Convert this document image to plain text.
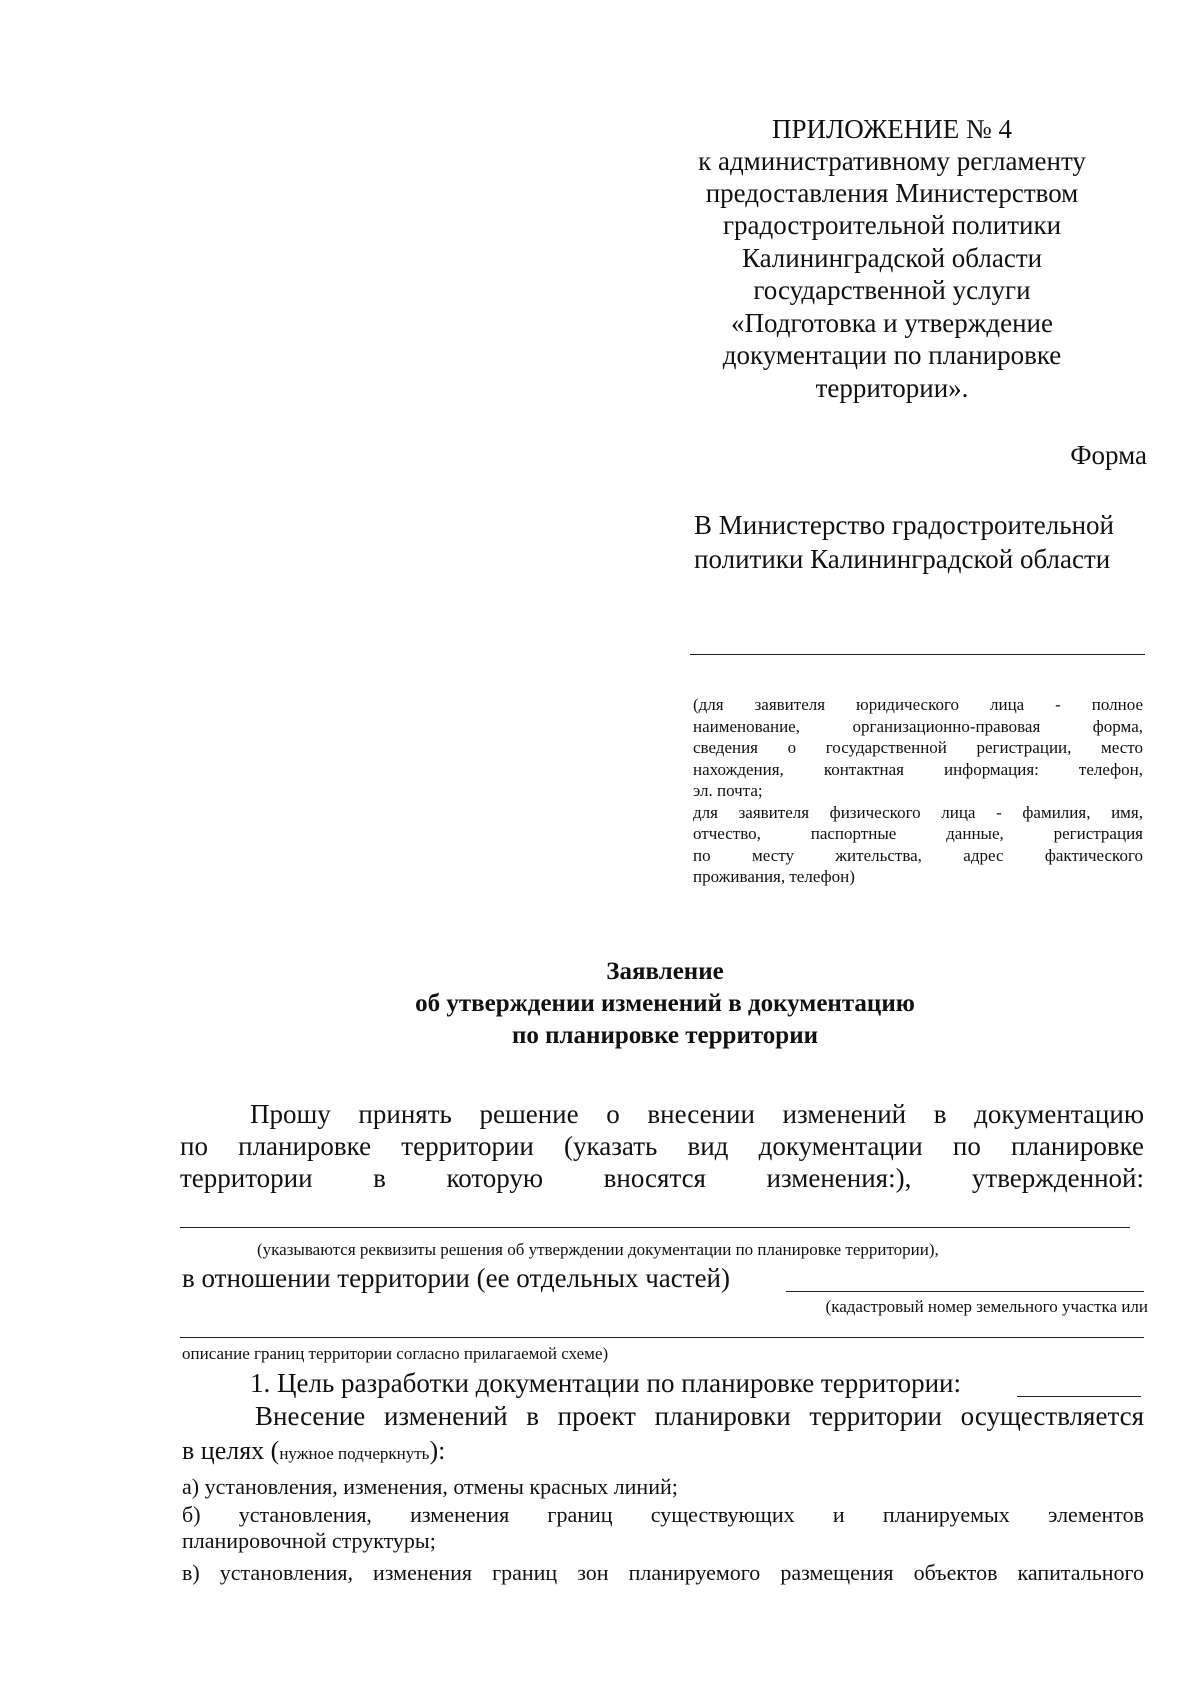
ПРИЛОЖЕНИЕ № 4
к административному регламенту
предоставления Министерством
градостроительной политики
Калининградской области
государственной услуги
«Подготовка и утверждение
документации по планировке
территории».
Форма
В Министерство градостроительной
политики Калининградской области
(для заявителя юридического лица - полное
наименование, организационно-правовая форма,
сведения о государственной регистрации, место
нахождения, контактная информация: телефон,
эл. почта;
для заявителя физического лица - фамилия, имя,
отчество, паспортные данные, регистрация
по месту жительства, адрес фактического
проживания, телефон)
Заявление
об утверждении изменений в документацию
по планировке территории
Прошу принять решение о внесении изменений в документацию
по планировке территории (указать вид документации по планировке
территории в которую вносятся изменения:), утвержденной:
(указываются реквизиты решения об утверждении документации по планировке территории),
в отношении территории (ее отдельных частей)
(кадастровый номер земельного участка или
описание границ территории согласно прилагаемой схеме)
1. Цель разработки документации по планировке территории:
Внесение изменений в проект планировки территории осуществляется
в целях (нужное подчеркнуть):
а) установления, изменения, отмены красных линий;
б) установления, изменения границ существующих и планируемых элементов
планировочной структуры;
в) установления, изменения границ зон планируемого размещения объектов капитального
